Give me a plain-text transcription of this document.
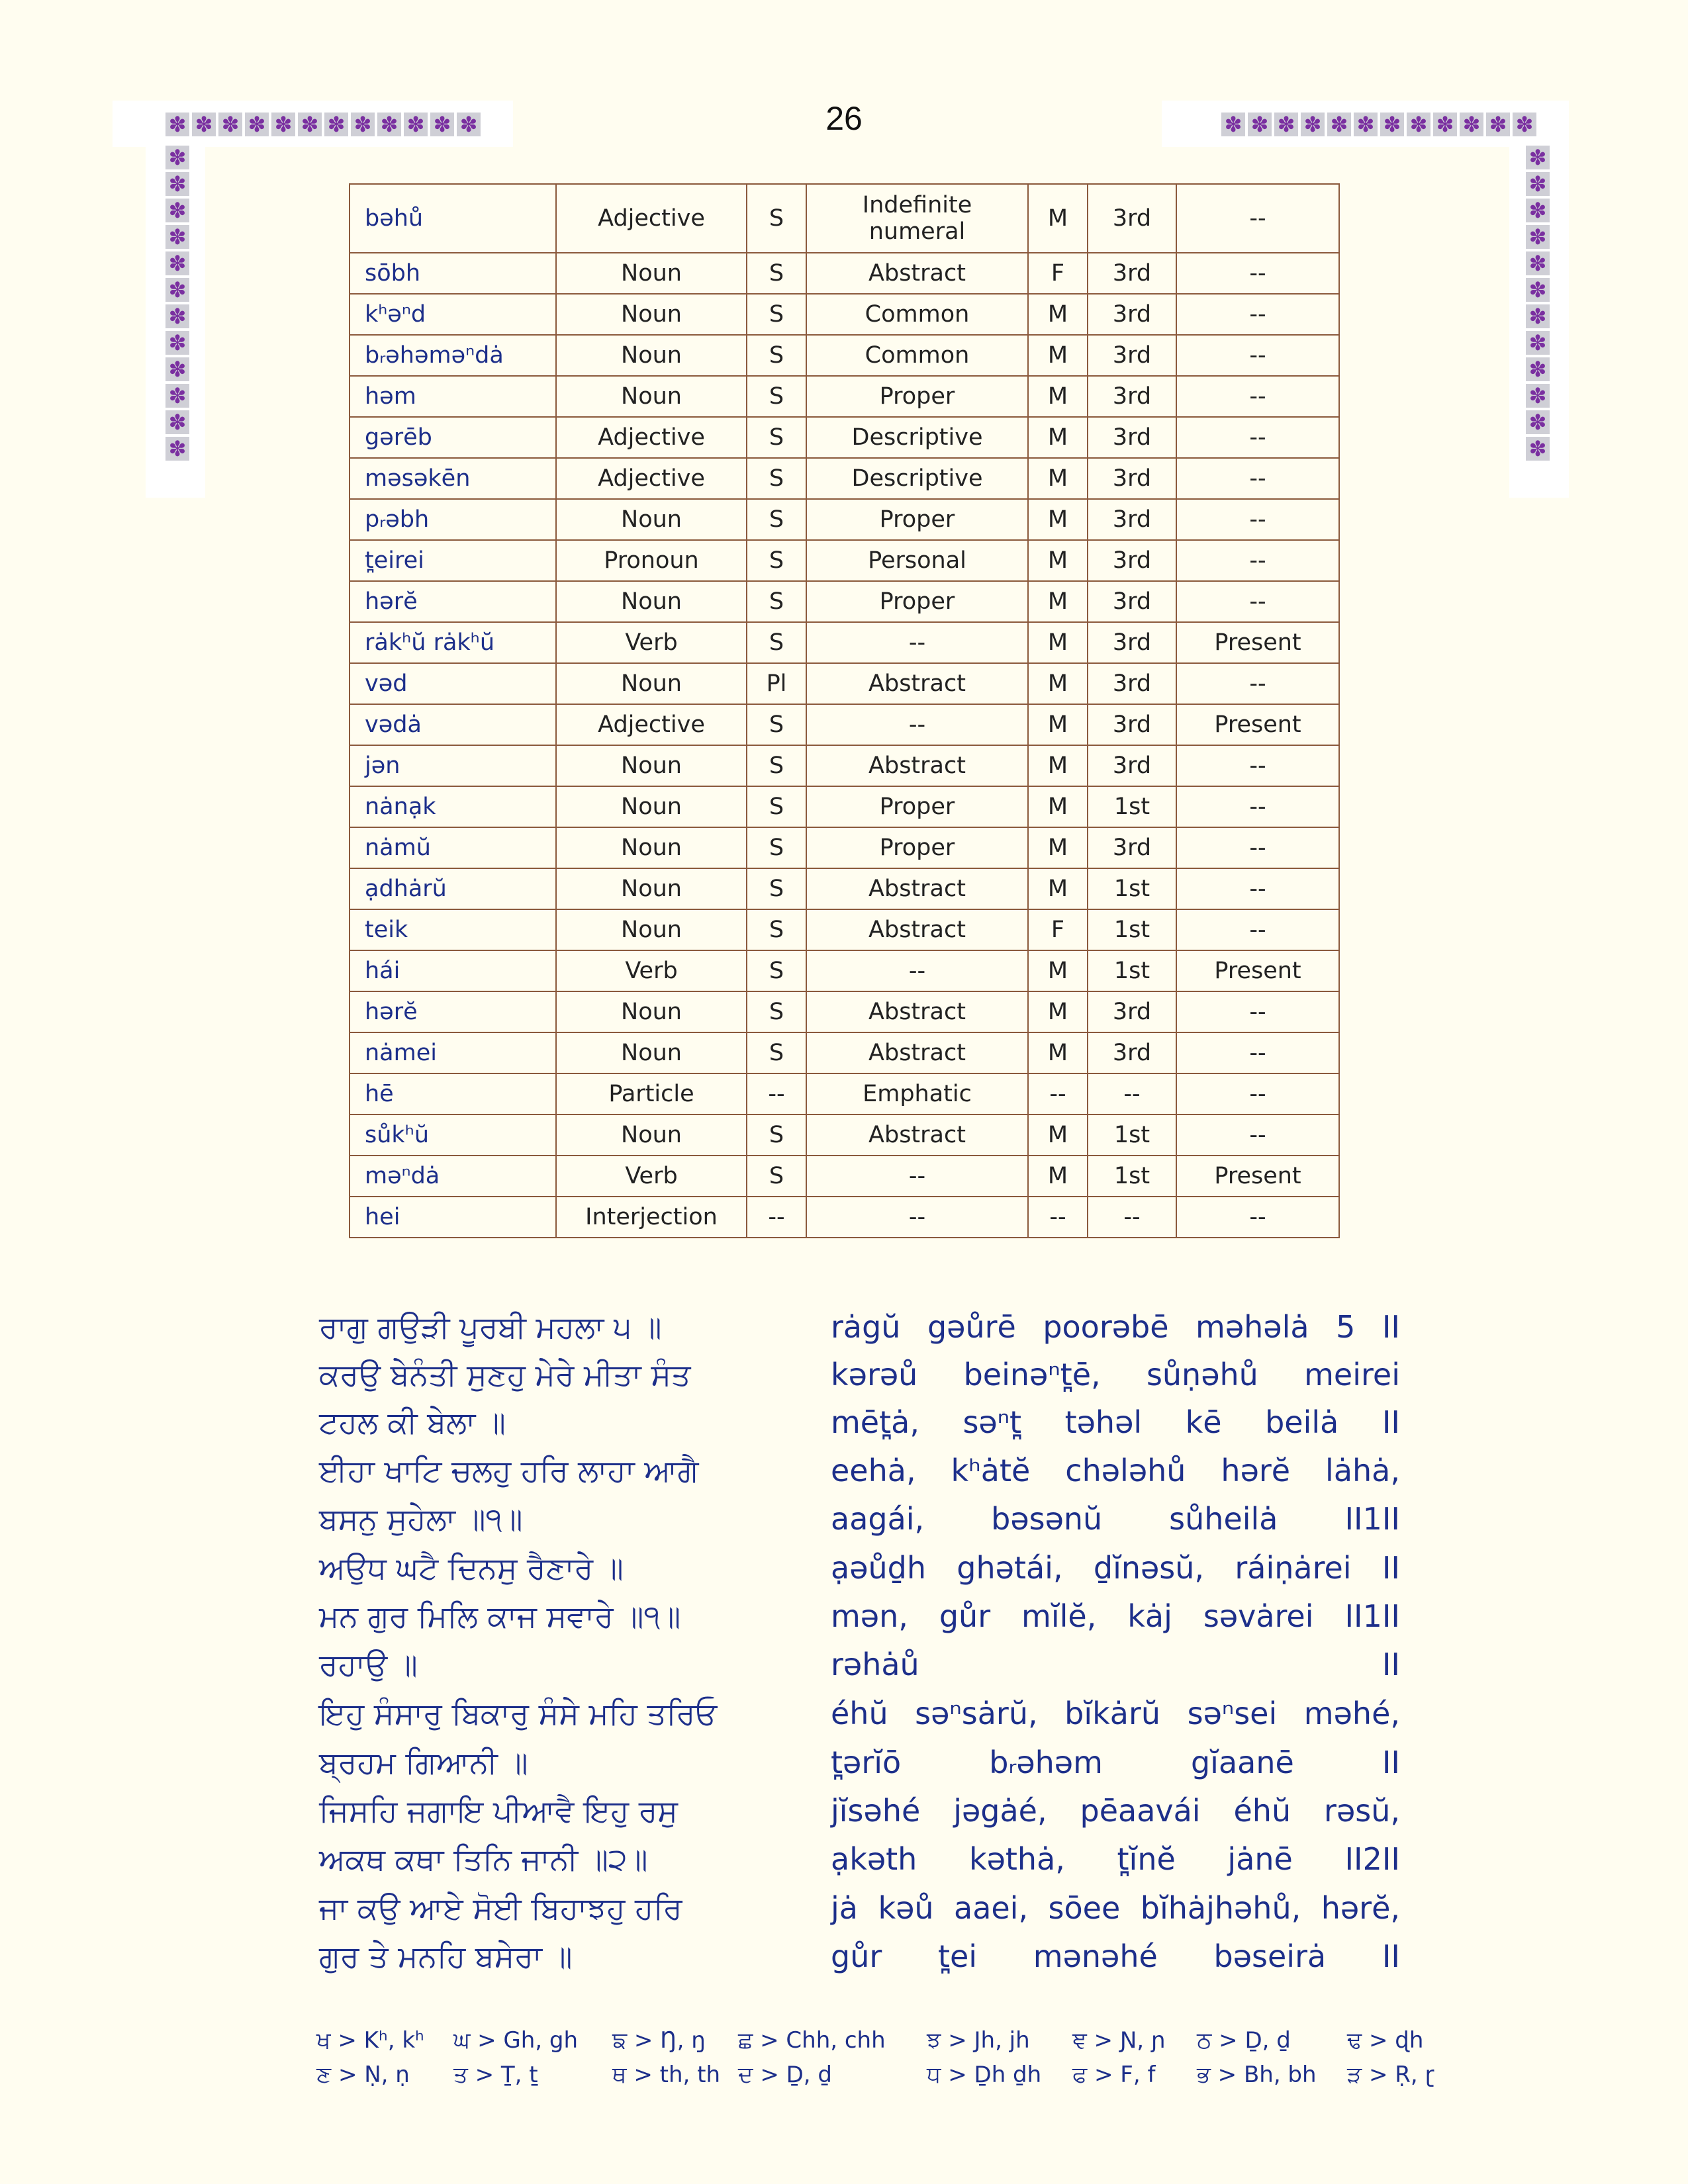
✽ ✽ ✽ ✽ ✽ ✽ ✽ ✽ ✽ ✽ ✽ ✽
✽
✽
✽
✽
✽
✽
✽
✽
✽
✽
✽
✽
✽ ✽ ✽ ✽ ✽ ✽ ✽ ✽ ✽ ✽ ✽ ✽
✽
✽
✽
✽
✽
✽
✽
✽
✽
✽
✽
✽
26
bəhů	Adjective	S	Indefinite numeral	M	3rd	--
sōbh	Noun	S	Abstract	F	3rd	--
kʰəⁿd	Noun	S	Common	M	3rd	--
bᵣəhəməⁿdȧ	Noun	S	Common	M	3rd	--
həm	Noun	S	Proper	M	3rd	--
gərēb	Adjective	S	Descriptive	M	3rd	--
məsəkēn	Adjective	S	Descriptive	M	3rd	--
pᵣəbh	Noun	S	Proper	M	3rd	--
t̪eirei	Pronoun	S	Personal	M	3rd	--
hərĕ	Noun	S	Proper	M	3rd	--
rȧkʰŭ rȧkʰŭ	Verb	S	--	M	3rd	Present
vəd	Noun	Pl	Abstract	M	3rd	--
vədȧ	Adjective	S	--	M	3rd	Present
jən	Noun	S	Abstract	M	3rd	--
nȧnạk	Noun	S	Proper	M	1st	--
nȧmŭ	Noun	S	Proper	M	3rd	--
ạdhȧrŭ	Noun	S	Abstract	M	1st	--
teik	Noun	S	Abstract	F	1st	--
hái	Verb	S	--	M	1st	Present
hərĕ	Noun	S	Abstract	M	3rd	--
nȧmei	Noun	S	Abstract	M	3rd	--
hē	Particle	--	Emphatic	--	--	--
sůkʰŭ	Noun	S	Abstract	M	1st	--
məⁿdȧ	Verb	S	--	M	1st	Present
hei	Interjection	--	--	--	--	--
ਰਾਗੁ ਗਉੜੀ ਪੂਰਬੀ ਮਹਲਾ ੫ ॥	rȧgŭ gəůrē poorəbē məhəlȧ 5 II
ਕਰਉ ਬੇਨੰਤੀ ਸੁਣਹੁ ਮੇਰੇ ਮੀਤਾ ਸੰਤ	kərəů beinəⁿt̪ē, sůṇəhů meirei
ਟਹਲ ਕੀ ਬੇਲਾ ॥	mēt̪ȧ, səⁿt̪ təhəl kē beilȧ II
ਈਹਾ ਖਾਟਿ ਚਲਹੁ ਹਰਿ ਲਾਹਾ ਆਗੈ	eehȧ, kʰȧtĕ chələhů hərĕ lȧhȧ,
ਬਸਨੁ ਸੁਹੇਲਾ ॥੧॥	aagái, bəsənŭ sůheilȧ II1II
ਅਉਧ ਘਟੈ ਦਿਨਸੁ ਰੈਣਾਰੇ ॥	ạəůḏh ghətái, ḏĭnəsŭ, ráiṇȧrei II
ਮਨ ਗੁਰ ਮਿਲਿ ਕਾਜ ਸਵਾਰੇ ॥੧॥	mən, gůr mĭlĕ, kȧj səvȧrei II1II
ਰਹਾਉ ॥	rəhȧů II
ਇਹੁ ਸੰਸਾਰੁ ਬਿਕਾਰੁ ਸੰਸੇ ਮਹਿ ਤਰਿਓ	éhŭ səⁿsȧrŭ, bĭkȧrŭ səⁿsei məhé,
ਬ੍ਰਹਮ ਗਿਆਨੀ ॥	t̪ərĭō bᵣəhəm gĭaanē II
ਜਿਸਹਿ ਜਗਾਇ ਪੀਆਵੈ ਇਹੁ ਰਸੁ	jĭsəhé jəgȧé, pēaavái éhŭ rəsŭ,
ਅਕਥ ਕਥਾ ਤਿਨਿ ਜਾਨੀ ॥੨॥	ạkəth kəthȧ, t̪ĭnĕ jȧnē II2II
ਜਾ ਕਉ ਆਏ ਸੋਈ ਬਿਹਾਝਹੁ ਹਰਿ	jȧ kəů aaei, sōee bĭhȧjhəhů, hərĕ,
ਗੁਰ ਤੇ ਮਨਹਿ ਬਸੇਰਾ ॥	gůr t̪ei mənəhé bəseirȧ II
ਖ > Kʰ, kʰ ਘ > Gh, gh ਙ > Ŋ, ŋ ਛ > Chh, chh ਝ > Jh, jh ਞ > Ɲ, ɲ ਠ > Ḏ, ḏ	ਢ > ɖh
ਣ > Ṇ, ṇ ਤ > Ṯ, ṯ	ਥ > th, th ਦ > Ḏ, ḏ	ਧ > Ḏh ḏh ਫ > F, f ਭ > Bh, bh ੜ > Ṛ, ɽ
